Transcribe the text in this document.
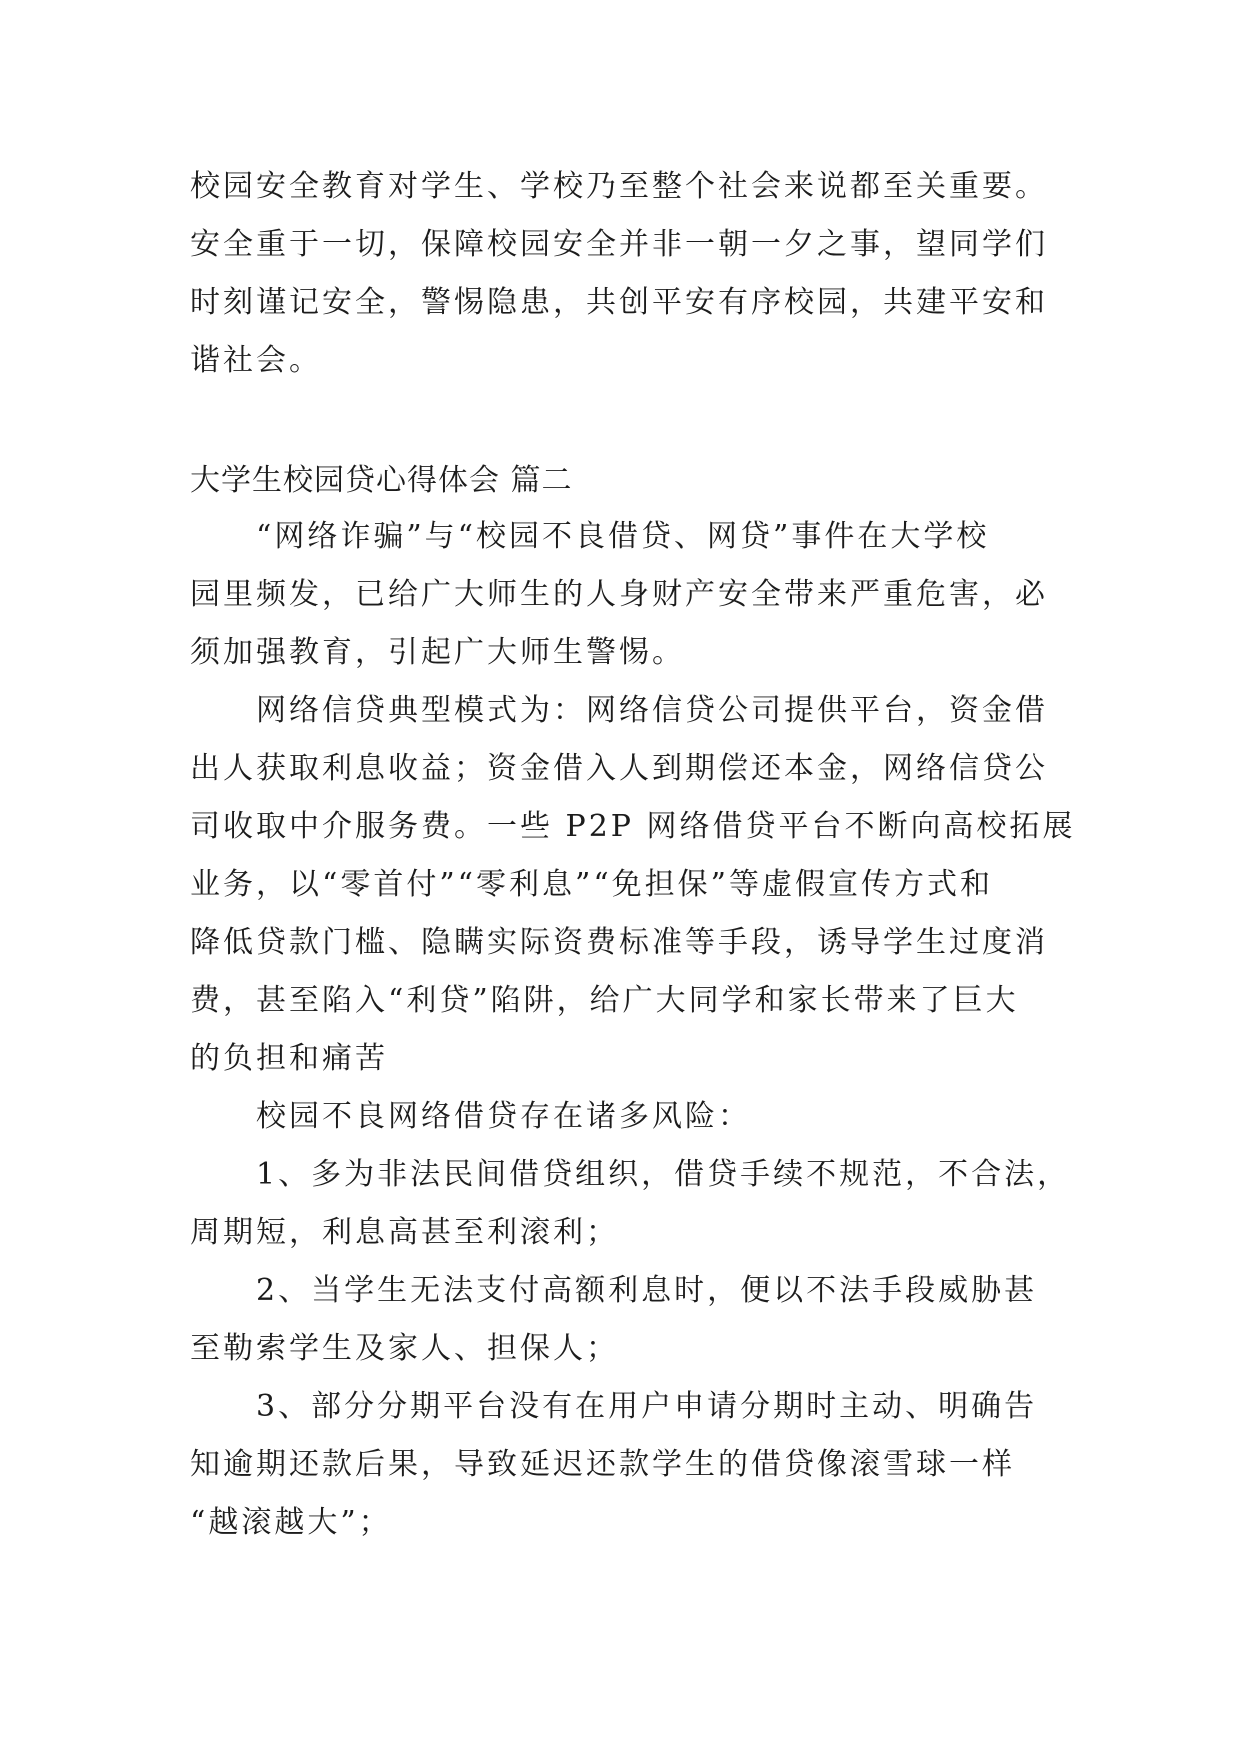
校园安全教育对学生、学校乃至整个社会来说都至关重要。
安全重于一切，保障校园安全并非一朝一夕之事，望同学们
时刻谨记安全，警惕隐患，共创平安有序校园，共建平安和
谐社会。
大学生校园贷心得体会 篇二
“网络诈骗”与“校园不良借贷、网贷”事件在大学校
园里频发，已给广大师生的人身财产安全带来严重危害，必
须加强教育，引起广大师生警惕。
网络信贷典型模式为：网络信贷公司提供平台，资金借
出人获取利息收益；资金借入人到期偿还本金，网络信贷公
司收取中介服务费。一些 P2P 网络借贷平台不断向高校拓展
业务，以“零首付”“零利息”“免担保”等虚假宣传方式和
降低贷款门槛、隐瞒实际资费标准等手段，诱导学生过度消
费，甚至陷入“利贷”陷阱，给广大同学和家长带来了巨大
的负担和痛苦
校园不良网络借贷存在诸多风险：
1、多为非法民间借贷组织，借贷手续不规范，不合法，
周期短，利息高甚至利滚利；
2、当学生无法支付高额利息时，便以不法手段威胁甚
至勒索学生及家人、担保人；
3、部分分期平台没有在用户申请分期时主动、明确告
知逾期还款后果，导致延迟还款学生的借贷像滚雪球一样
“越滚越大”；
